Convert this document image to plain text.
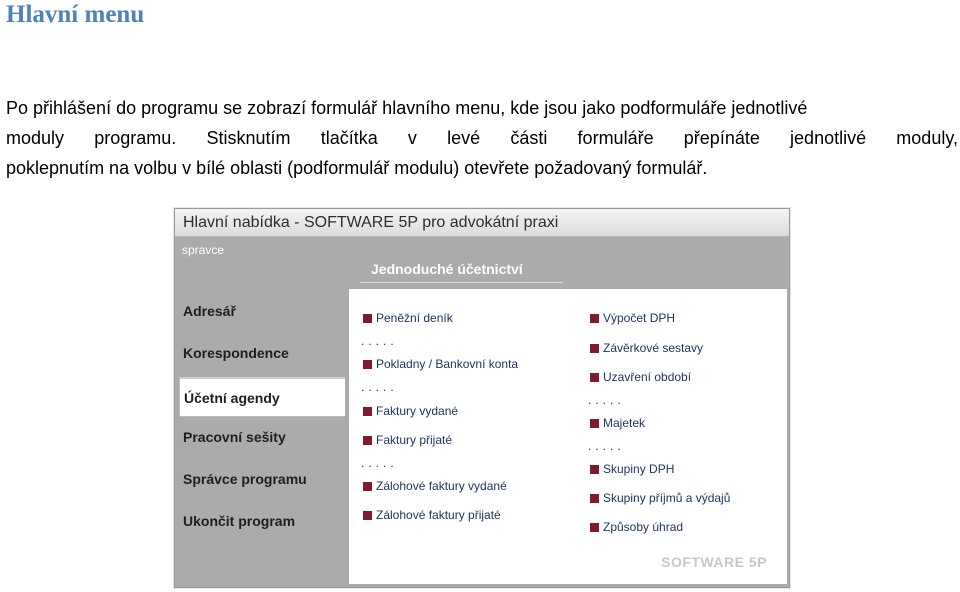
Hlavní menu

Po přihlášení do programu se zobrazí formulář hlavního menu, kde jsou jako podformuláře jednotlivé
moduly programu. Stisknutím tlačítka v levé části formuláře přepínáte jednotlivé moduly,
poklepnutím na volbu v bílé oblasti (podformulář modulu) otevřete požadovaný formulář.

Hlavní nabídka - SOFTWARE 5P pro advokátní praxi
spravce
Adresář
Korespondence
Účetní agendy
Pracovní sešity
Správce programu
Ukončit program
Jednoduché účetnictví
Peněžní deník
.....
Pokladny / Bankovní konta
.....
Faktury vydané
Faktury přijaté
.....
Zálohové faktury vydané
Zálohové faktury přijaté
Výpočet DPH
Závěrkové sestavy
Uzavření období
.....
Majetek
.....
Skupiny DPH
Skupiny příjmů a výdajů
Způsoby úhrad
SOFTWARE 5P
